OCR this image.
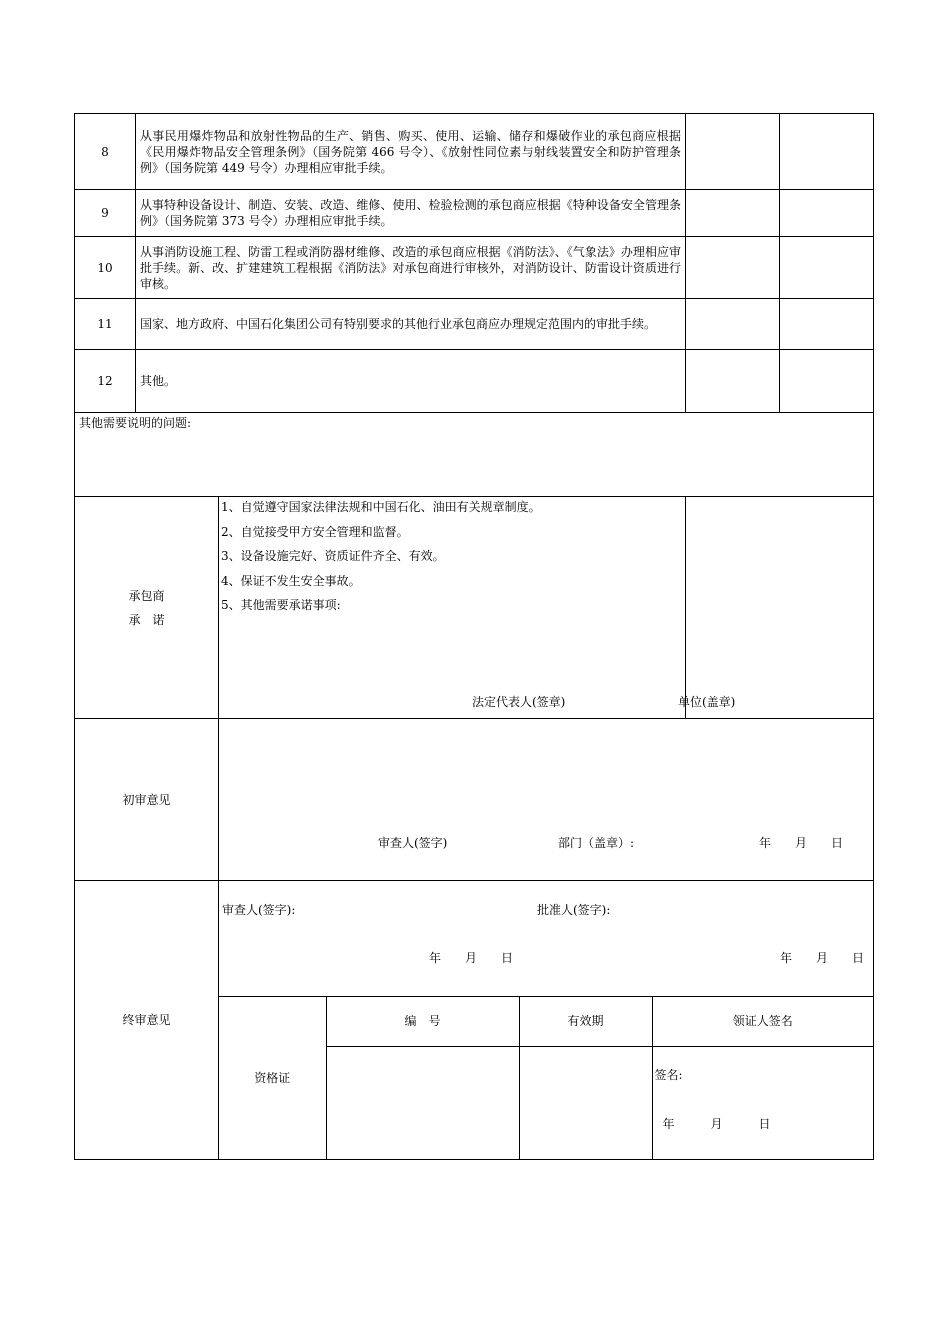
8	从事民用爆炸物品和放射性物品的生产、销售、购买、使用、运输、储存和爆破作业的承包商应根据《民用爆炸物品安全管理条例》（国务院第 466 号令）、《放射性同位素与射线装置安全和防护管理条例》（国务院第 449 号令）办理相应审批手续。		
9	从事特种设备设计、制造、安装、改造、维修、使用、检验检测的承包商应根据《特种设备安全管理条例》（国务院第 373 号令）办理相应审批手续。		
10	从事消防设施工程、防雷工程或消防器材维修、改造的承包商应根据《消防法》、《气象法》办理相应审批手续。新、改、扩建建筑工程根据《消防法》对承包商进行审核外，对消防设计、防雷设计资质进行审核。		
11	国家、地方政府、中国石化集团公司有特别要求的其他行业承包商应办理规定范围内的审批手续。		
12	其他。		
其他需要说明的问题:

承包商
承　诺
1、自觉遵守国家法律法规和中国石化、油田有关规章制度。
2、自觉接受甲方安全管理和监督。
3、设备设施完好、资质证件齐全、有效。
4、保证不发生安全事故。
5、其他需要承诺事项:
法定代表人(签章)	单位(盖章)

初审意见
审查人(签字)	部门（盖章）:	年　　月　　日

终审意见
审查人(签字):	批准人(签字):
年　　月　　日	年　　月　　日
资格证	编　号	有效期	领证人签名

签名:
年　　　月　　　日
